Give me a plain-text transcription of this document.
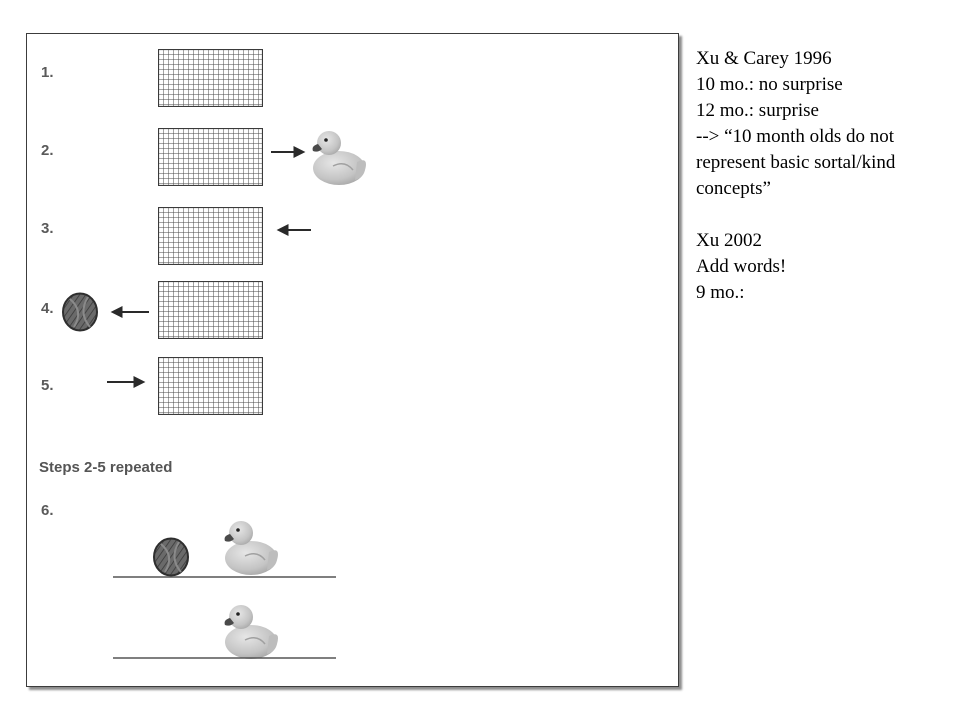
1.
2.
3.
4.
5.
6.
Steps 2-5 repeated
Xu & Carey 1996
10 mo.: no surprise
12 mo.: surprise
--> “10 month olds do not
represent basic sortal/kind
concepts”
Xu 2002
Add words!
9 mo.:
